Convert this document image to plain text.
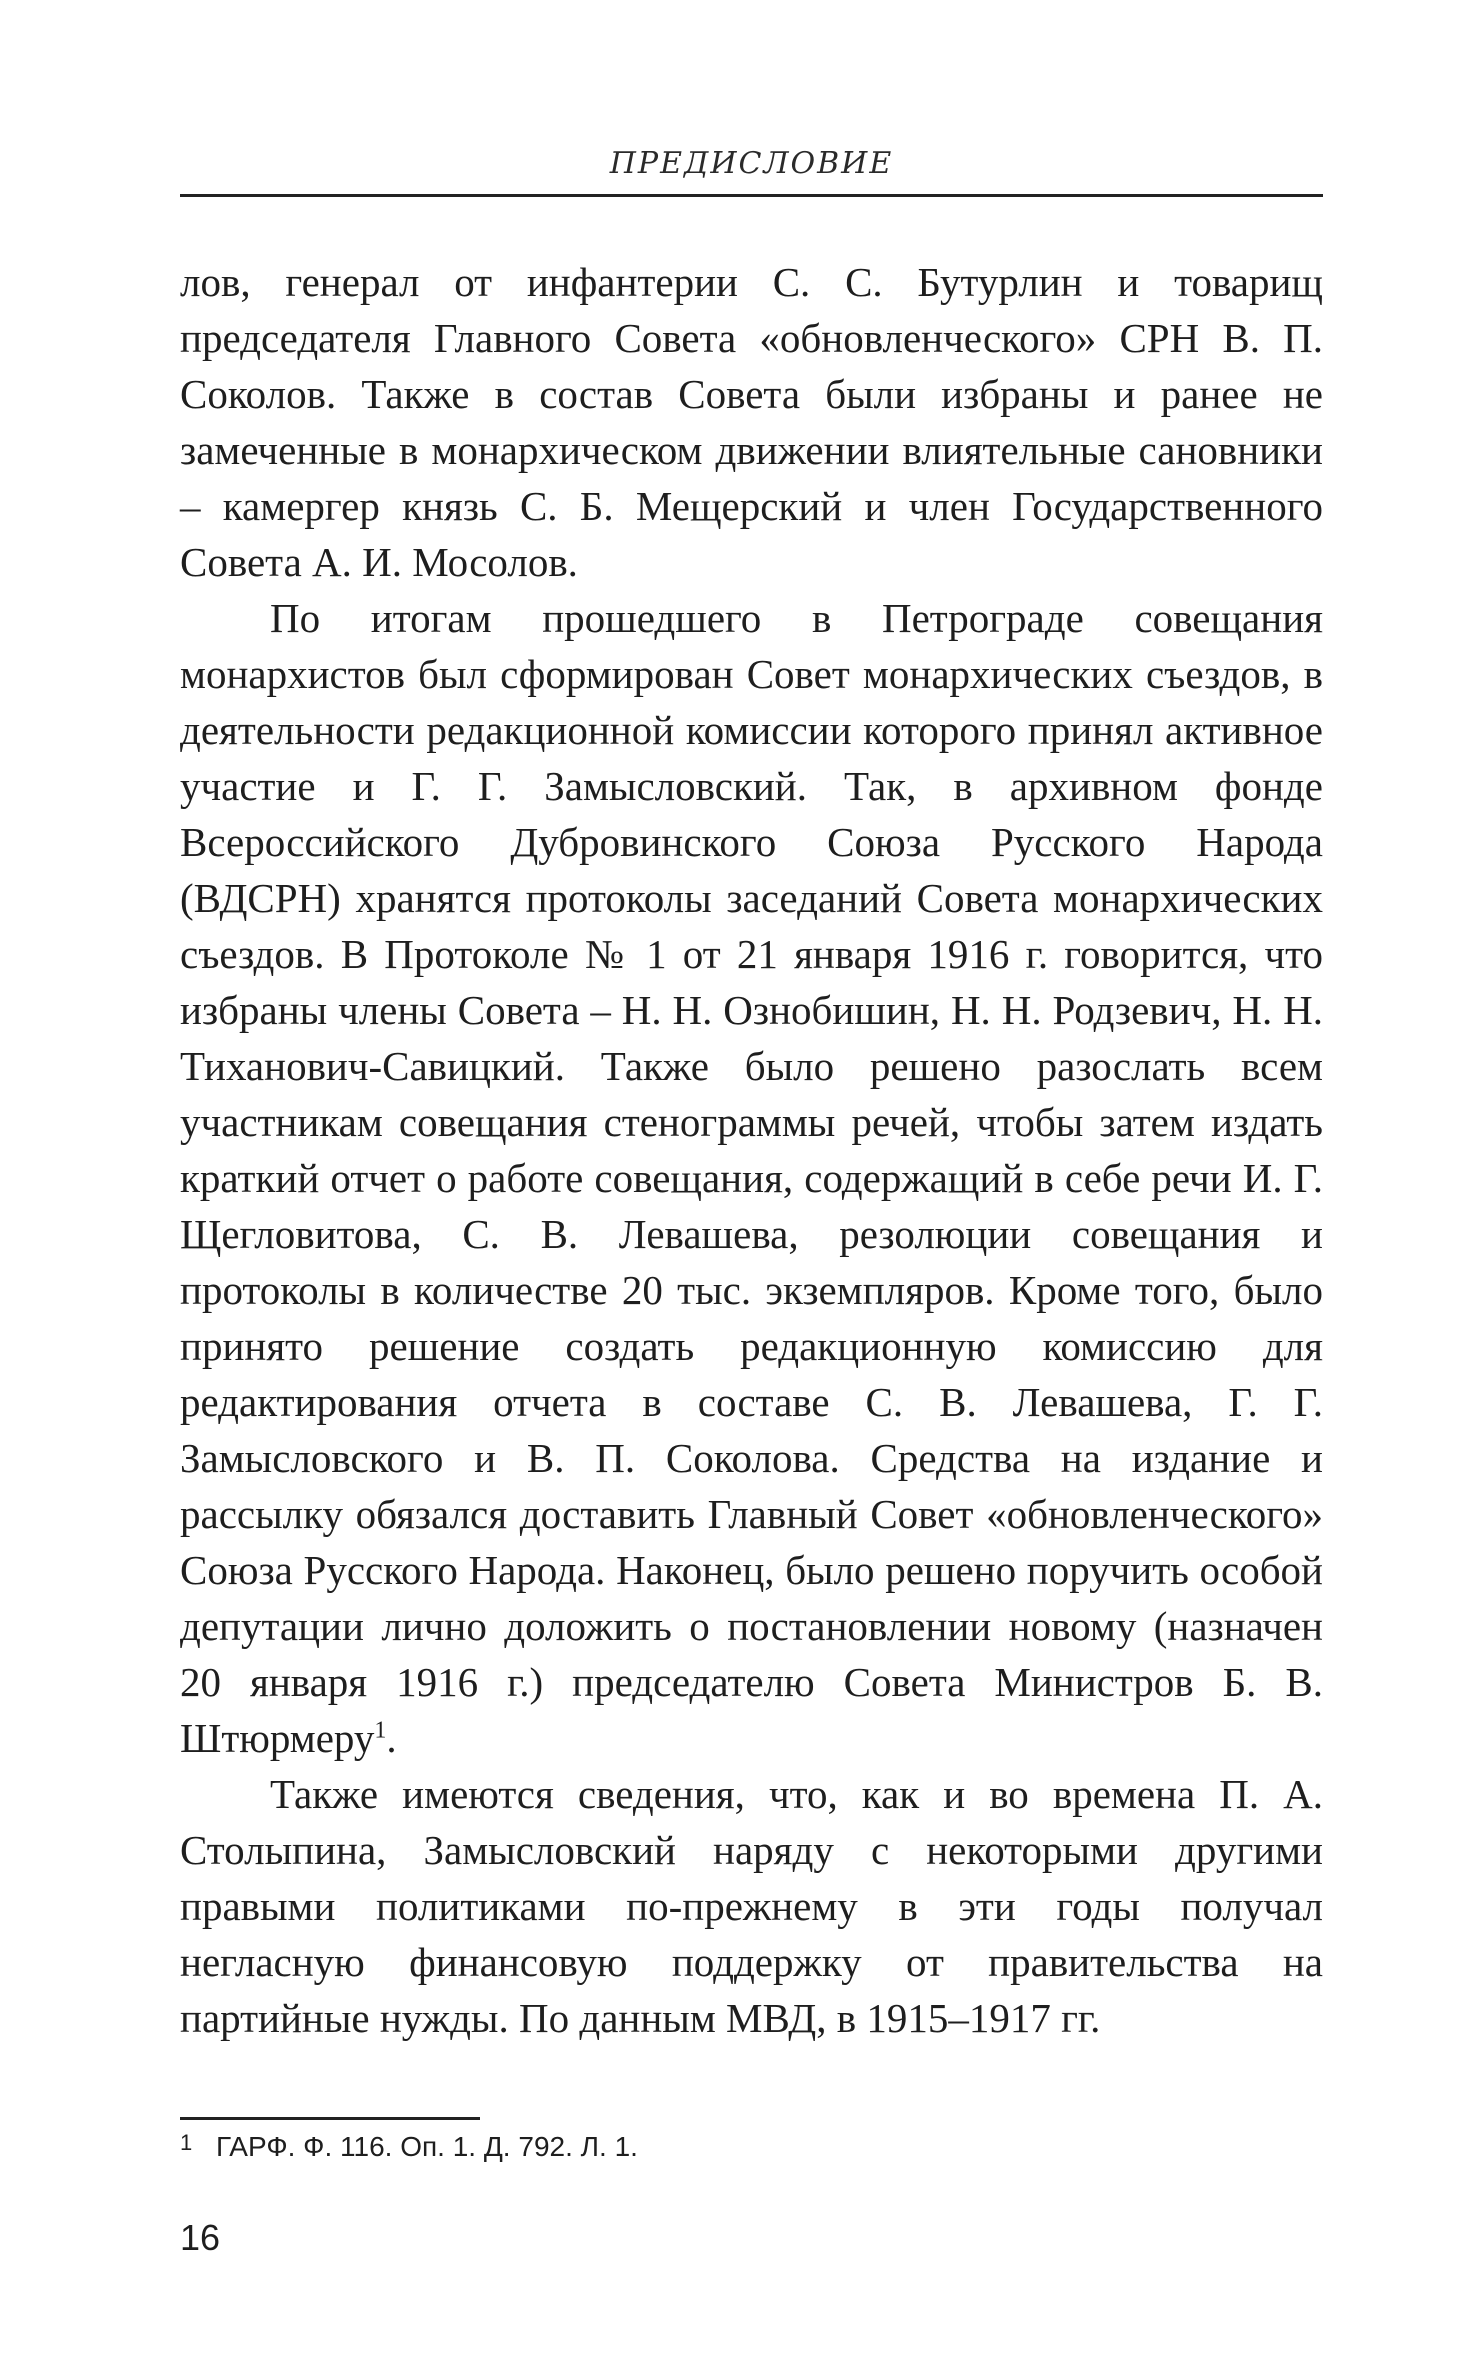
ПРЕДИСЛОВИЕ

лов, генерал от инфантерии С. С. Бутурлин и товарищ председателя Главного Совета «обновленческого» СРН В. П. Соколов. Также в состав Совета были избраны и ранее не замеченные в монархическом движении влиятельные сановники – камергер князь С. Б. Мещерский и член Государственного Совета А. И. Мосолов.

По итогам прошедшего в Петрограде совещания монархистов был сформирован Совет монархических съездов, в деятельности редакционной комиссии которого принял активное участие и Г. Г. Замысловский. Так, в архивном фонде Всероссийского Дубровинского Союза Русского Народа (ВДСРН) хранятся протоколы заседаний Совета монархических съездов. В Протоколе № 1 от 21 января 1916 г. говорится, что избраны члены Совета – Н. Н. Ознобишин, Н. Н. Родзевич, Н. Н. Тиханович-Савицкий. Также было решено разослать всем участникам совещания стенограммы речей, чтобы затем издать краткий отчет о работе совещания, содержащий в себе речи И. Г. Щегловитова, С. В. Левашева, резолюции совещания и протоколы в количестве 20 тыс. экземпляров. Кроме того, было принято решение создать редакционную комиссию для редактирования отчета в составе С. В. Левашева, Г. Г. Замысловского и В. П. Соколова. Средства на издание и рассылку обязался доставить Главный Совет «обновленческого» Союза Русского Народа. Наконец, было решено поручить особой депутации лично доложить о постановлении новому (назначен 20 января 1916 г.) председателю Совета Министров Б. В. Штюрмеру$^1$.

Также имеются сведения, что, как и во времена П. А. Столыпина, Замысловский наряду с некоторыми другими правыми политиками по-прежнему в эти годы получал негласную финансовую поддержку от правительства на партийные нужды. По данным МВД, в 1915–1917 гг.

1 ГАРФ. Ф. 116. Оп. 1. Д. 792. Л. 1.
16
